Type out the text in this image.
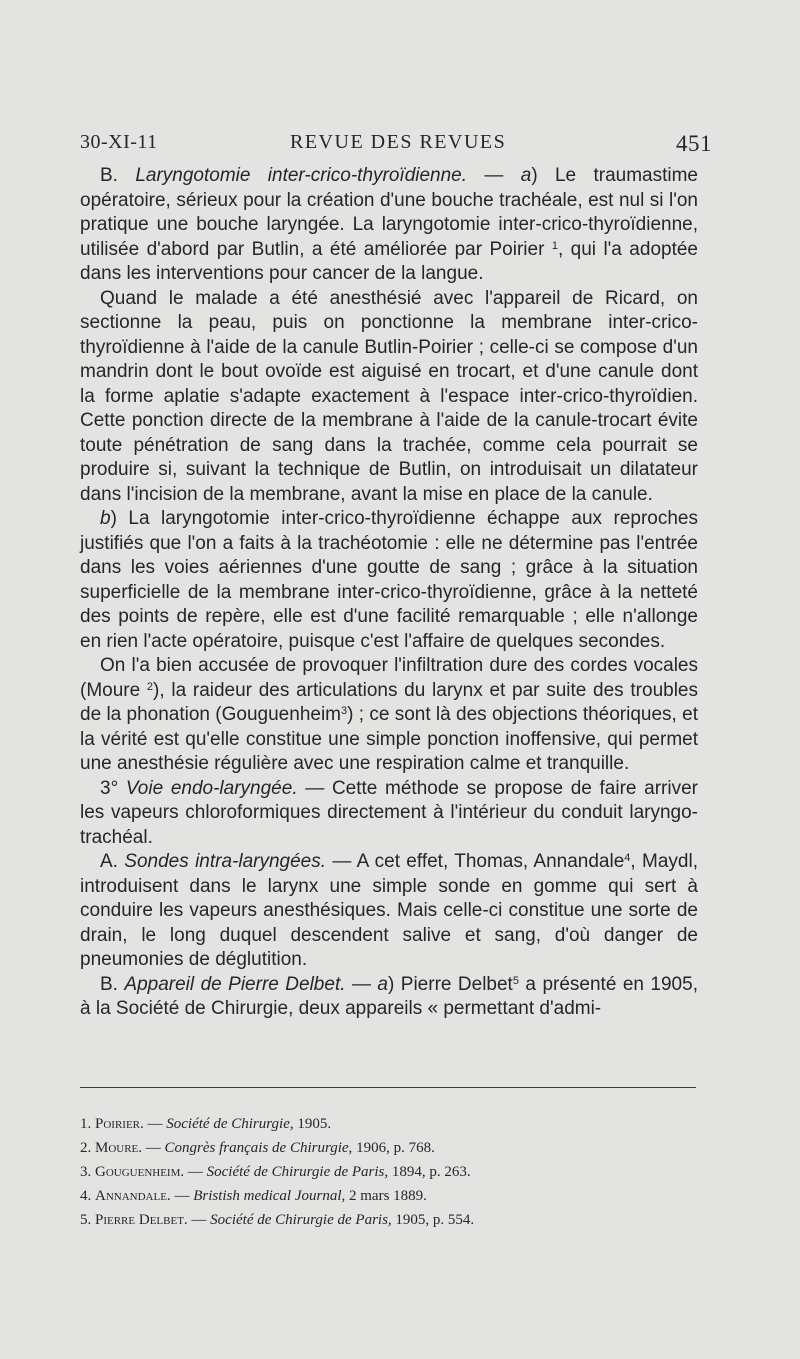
30-XI-11	REVUE DES REVUES	451

B. Laryngotomie inter-crico-thyroïdienne. — a) Le traumastime opératoire, sérieux pour la création d'une bouche trachéale, est nul si l'on pratique une bouche laryngée. La laryngotomie inter-crico-thyroïdienne, utilisée d'abord par Butlin, a été améliorée par Poirier $^1$, qui l'a adoptée dans les interventions pour cancer de la langue.

Quand le malade a été anesthésié avec l'appareil de Ricard, on sectionne la peau, puis on ponctionne la membrane inter-crico-thyroïdienne à l'aide de la canule Butlin-Poirier ; celle-ci se compose d'un mandrin dont le bout ovoïde est aiguisé en trocart, et d'une canule dont la forme aplatie s'adapte exactement à l'espace inter-crico-thyroïdien. Cette ponction directe de la membrane à l'aide de la canule-trocart évite toute pénétration de sang dans la trachée, comme cela pourrait se produire si, suivant la technique de Butlin, on introduisait un dilatateur dans l'incision de la membrane, avant la mise en place de la canule.

b) La laryngotomie inter-crico-thyroïdienne échappe aux reproches justifiés que l'on a faits à la trachéotomie : elle ne détermine pas l'entrée dans les voies aériennes d'une goutte de sang ; grâce à la situation superficielle de la membrane inter-crico-thyroïdienne, grâce à la netteté des points de repère, elle est d'une facilité remarquable ; elle n'allonge en rien l'acte opératoire, puisque c'est l'affaire de quelques secondes.

On l'a bien accusée de provoquer l'infiltration dure des cordes vocales (Moure $^2$), la raideur des articulations du larynx et par suite des troubles de la phonation (Gouguenheim$^3$) ; ce sont là des objections théoriques, et la vérité est qu'elle constitue une simple ponction inoffensive, qui permet une anesthésie régulière avec une respiration calme et tranquille.

3° Voie endo-laryngée. — Cette méthode se propose de faire arriver les vapeurs chloroformiques directement à l'intérieur du conduit laryngo-trachéal.

A. Sondes intra-laryngées. — A cet effet, Thomas, Annandale$^4$, Maydl, introduisent dans le larynx une simple sonde en gomme qui sert à conduire les vapeurs anesthésiques. Mais celle-ci constitue une sorte de drain, le long duquel descendent salive et sang, d'où danger de pneumonies de déglutition.

B. Appareil de Pierre Delbet. — a) Pierre Delbet$^5$ a présenté en 1905, à la Société de Chirurgie, deux appareils « permettant d'admi-

1. Poirier. — Société de Chirurgie, 1905.
2. Moure. — Congrès français de Chirurgie, 1906, p. 768.
3. Gouguenheim. — Société de Chirurgie de Paris, 1894, p. 263.
4. Annandale. — Bristish medical Journal, 2 mars 1889.
5. Pierre Delbet. — Société de Chirurgie de Paris, 1905, p. 554.
